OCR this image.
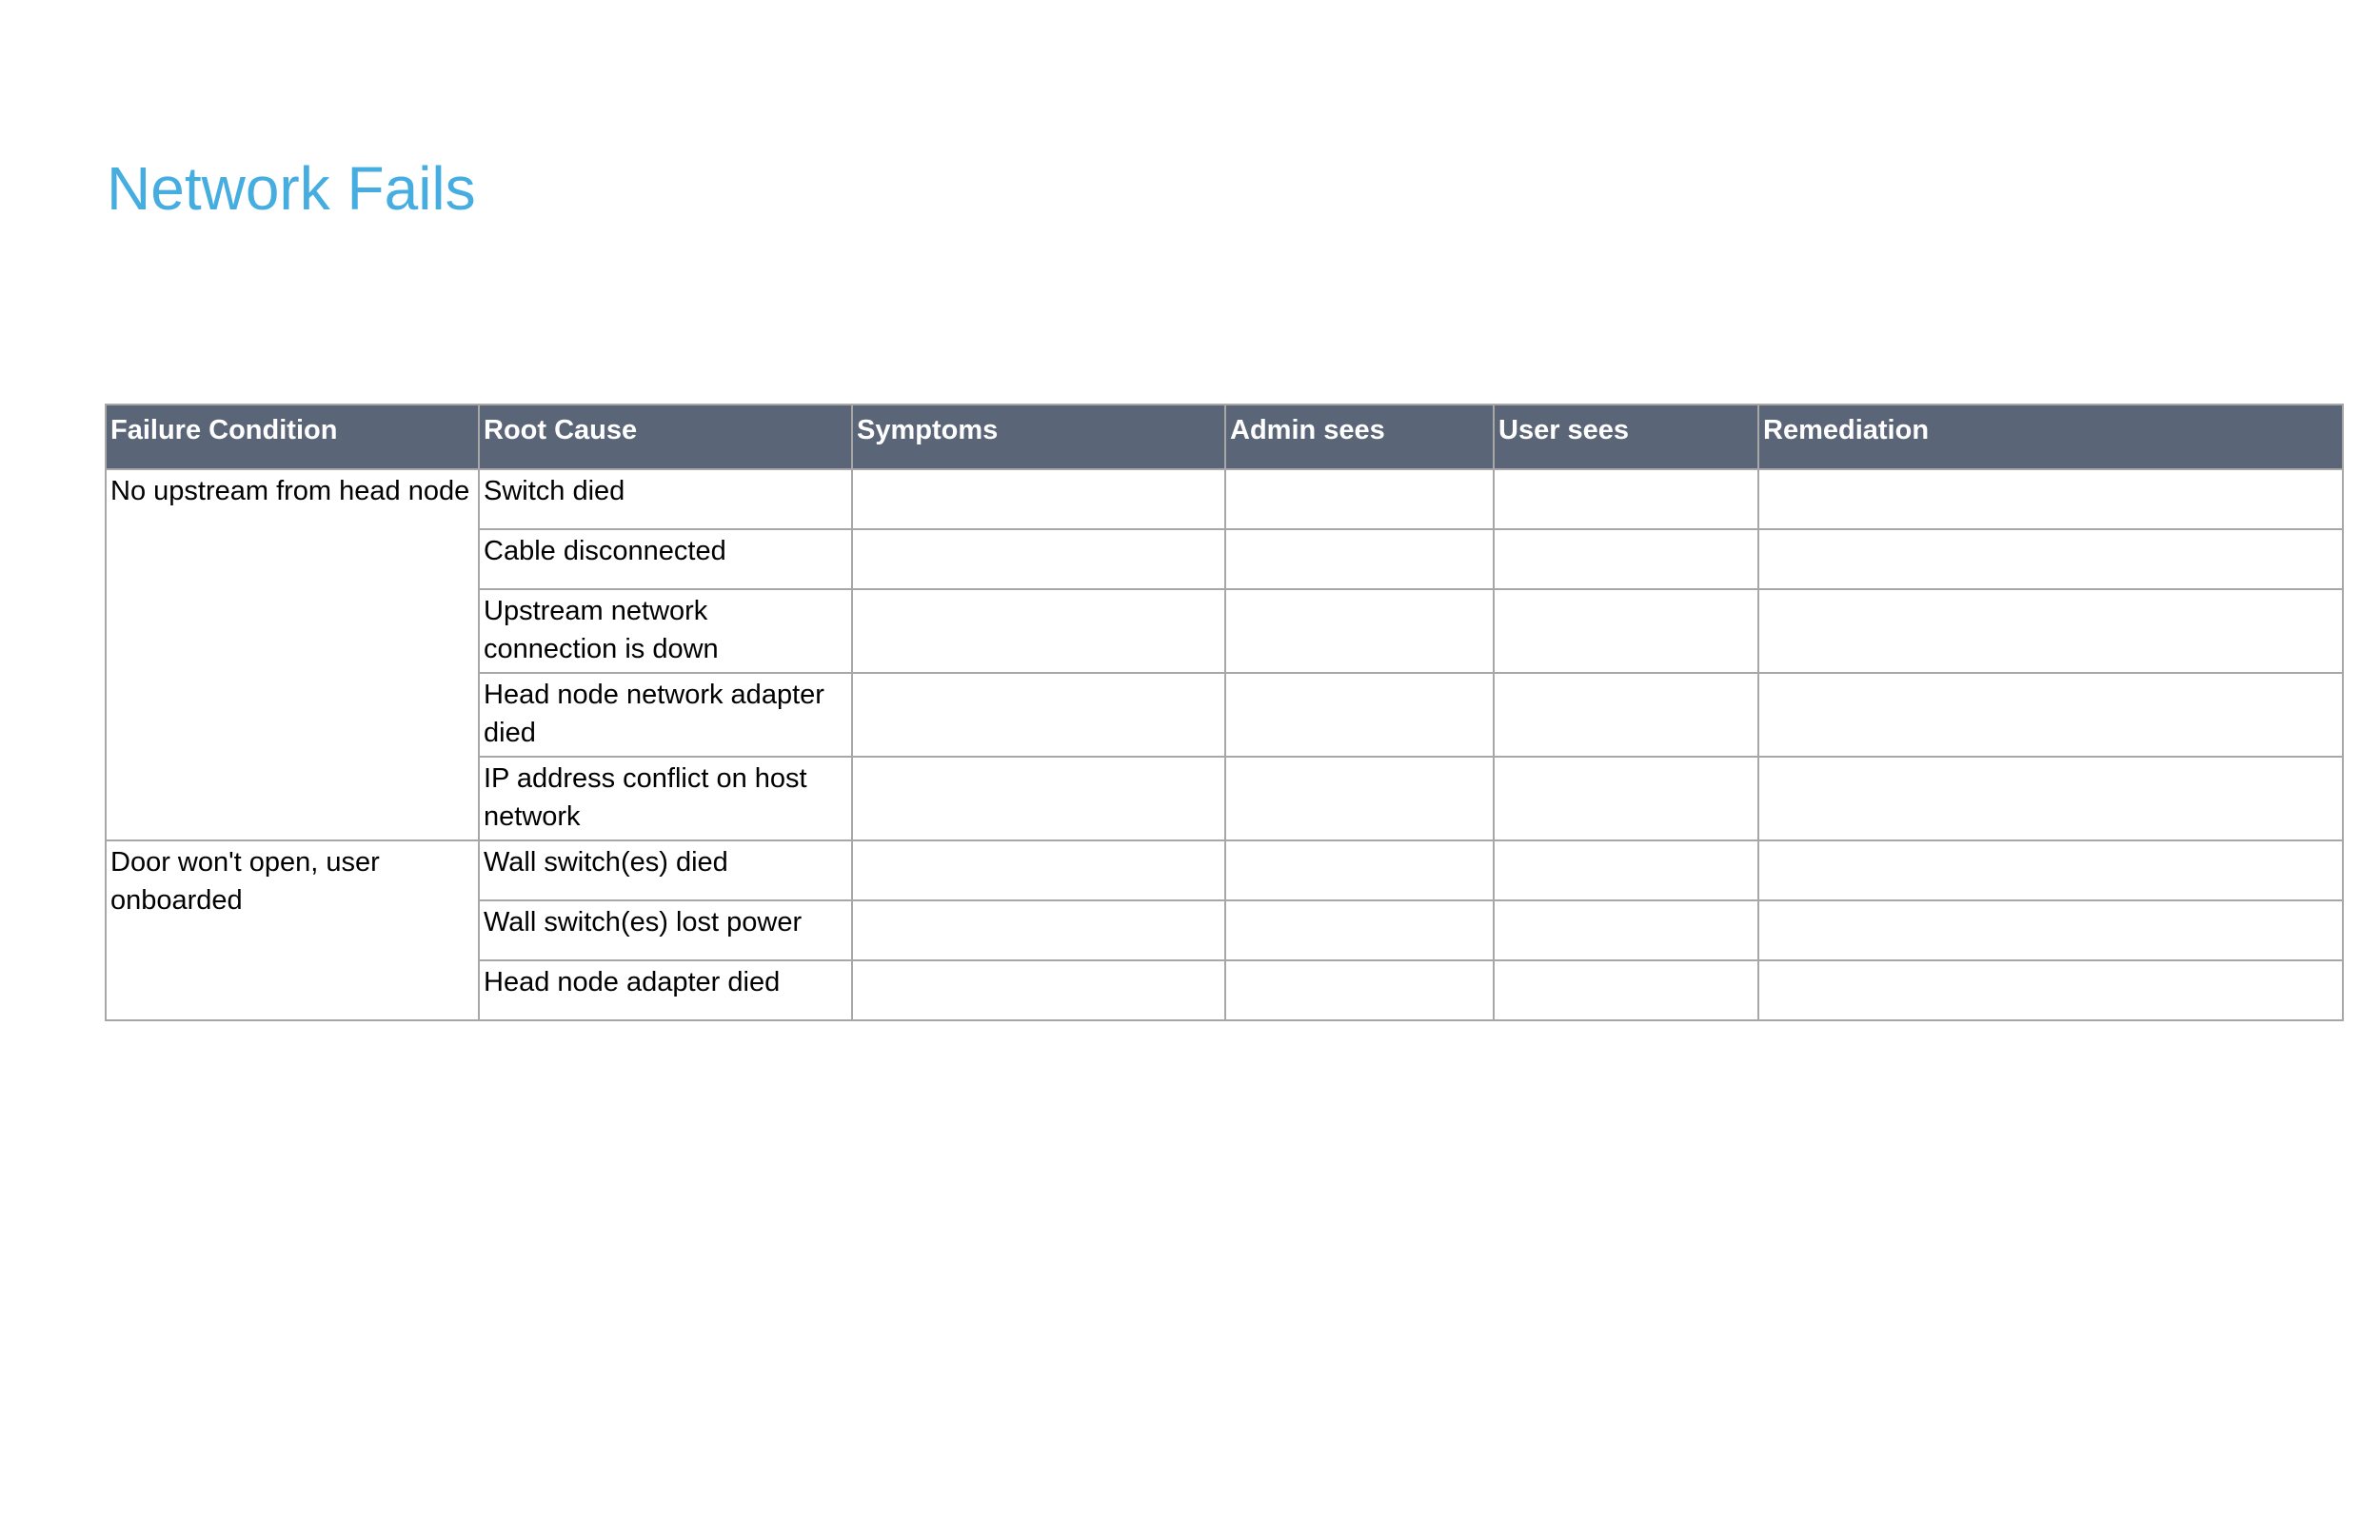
Network Fails
Failure Condition	Root Cause	Symptoms	Admin sees	User sees	Remediation
No upstream from head node	Switch died				
	Cable disconnected				
	Upstream network connection is down				
	Head node network adapter died				
	IP address conflict on host network				
Door won't open, user onboarded	Wall switch(es) died				
	Wall switch(es) lost power				
	Head node adapter died				
